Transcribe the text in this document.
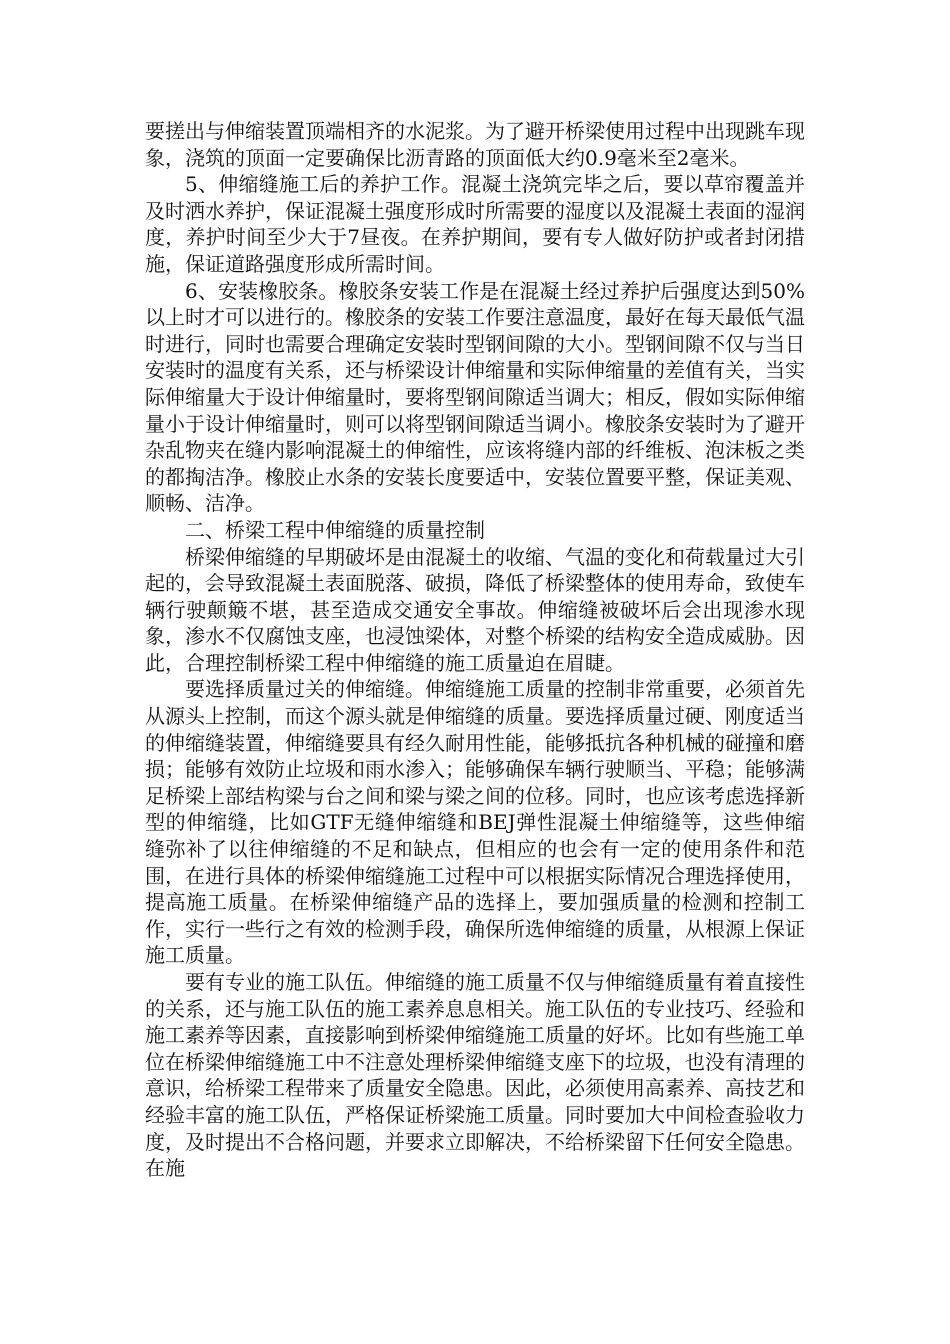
要搓出与伸缩装置顶端相齐的水泥浆。为了避开桥梁使用过程中出现跳车现象，浇筑的顶面一定要确保比沥青路的顶面低大约0.9毫米至2毫米。

5、伸缩缝施工后的养护工作。混凝土浇筑完毕之后，要以草帘覆盖并及时洒水养护，保证混凝土强度形成时所需要的湿度以及混凝土表面的湿润度，养护时间至少大于7昼夜。在养护期间，要有专人做好防护或者封闭措施，保证道路强度形成所需时间。

6、安装橡胶条。橡胶条安装工作是在混凝土经过养护后强度达到50%以上时才可以进行的。橡胶条的安装工作要注意温度，最好在每天最低气温时进行，同时也需要合理确定安装时型钢间隙的大小。型钢间隙不仅与当日安装时的温度有关系，还与桥梁设计伸缩量和实际伸缩量的差值有关，当实际伸缩量大于设计伸缩量时，要将型钢间隙适当调大；相反，假如实际伸缩量小于设计伸缩量时，则可以将型钢间隙适当调小。橡胶条安装时为了避开杂乱物夹在缝内影响混凝土的伸缩性，应该将缝内部的纤维板、泡沫板之类的都掏洁净。橡胶止水条的安装长度要适中，安装位置要平整，保证美观、顺畅、洁净。

二、桥梁工程中伸缩缝的质量控制

桥梁伸缩缝的早期破坏是由混凝土的收缩、气温的变化和荷载量过大引起的，会导致混凝土表面脱落、破损，降低了桥梁整体的使用寿命，致使车辆行驶颠簸不堪，甚至造成交通安全事故。伸缩缝被破坏后会出现渗水现象，渗水不仅腐蚀支座，也浸蚀梁体，对整个桥梁的结构安全造成威胁。因此，合理控制桥梁工程中伸缩缝的施工质量迫在眉睫。

要选择质量过关的伸缩缝。伸缩缝施工质量的控制非常重要，必须首先从源头上控制，而这个源头就是伸缩缝的质量。要选择质量过硬、刚度适当的伸缩缝装置，伸缩缝要具有经久耐用性能，能够抵抗各种机械的碰撞和磨损；能够有效防止垃圾和雨水渗入；能够确保车辆行驶顺当、平稳；能够满足桥梁上部结构梁与台之间和梁与梁之间的位移。同时，也应该考虑选择新型的伸缩缝，比如GTF无缝伸缩缝和BEJ弹性混凝土伸缩缝等，这些伸缩缝弥补了以往伸缩缝的不足和缺点，但相应的也会有一定的使用条件和范围，在进行具体的桥梁伸缩缝施工过程中可以根据实际情况合理选择使用，提高施工质量。在桥梁伸缩缝产品的选择上，要加强质量的检测和控制工作，实行一些行之有效的检测手段，确保所选伸缩缝的质量，从根源上保证施工质量。

要有专业的施工队伍。伸缩缝的施工质量不仅与伸缩缝质量有着直接性的关系，还与施工队伍的施工素养息息相关。施工队伍的专业技巧、经验和施工素养等因素，直接影响到桥梁伸缩缝施工质量的好坏。比如有些施工单位在桥梁伸缩缝施工中不注意处理桥梁伸缩缝支座下的垃圾，也没有清理的意识，给桥梁工程带来了质量安全隐患。因此，必须使用高素养、高技艺和经验丰富的施工队伍，严格保证桥梁施工质量。同时要加大中间检查验收力度，及时提出不合格问题，并要求立即解决，不给桥梁留下任何安全隐患。在施
